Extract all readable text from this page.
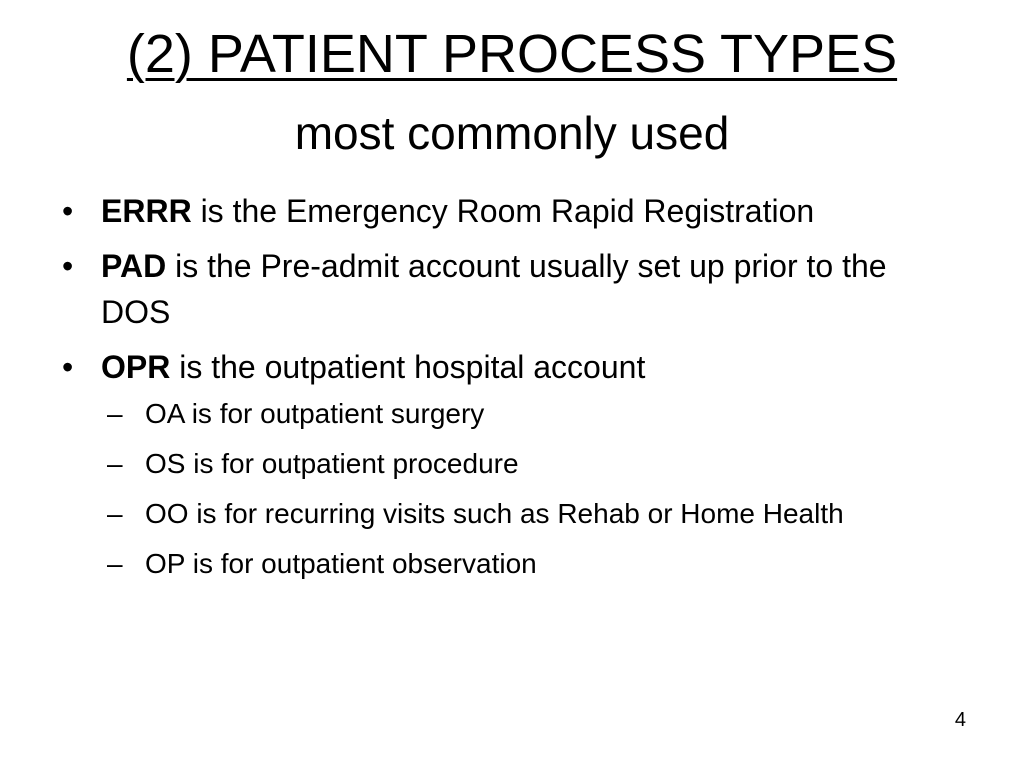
(2) PATIENT PROCESS TYPES
most commonly used
• ERRR is the Emergency Room Rapid Registration
• PAD is the Pre-admit account usually set up prior to the DOS
• OPR is the outpatient hospital account
– OA is for outpatient surgery
– OS is for outpatient procedure
– OO is for recurring visits such as Rehab or Home Health
– OP is for outpatient observation
4
